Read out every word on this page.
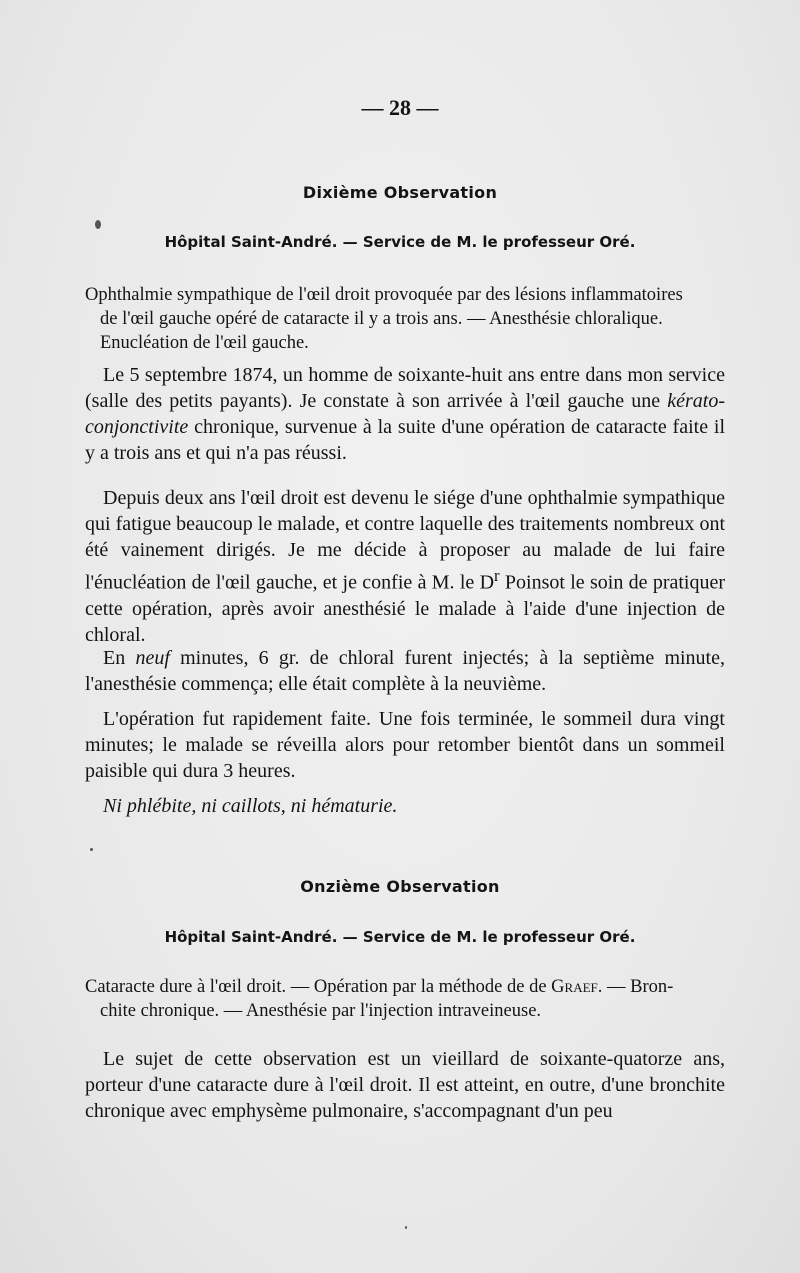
— 28 —
Dixième Observation
Hôpital Saint-André. — Service de M. le professeur Oré.
Ophthalmie sympathique de l'œil droit provoquée par des lésions inflammatoires
de l'œil gauche opéré de cataracte il y a trois ans. — Anesthésie chloralique.
Enucléation de l'œil gauche.

Le 5 septembre 1874, un homme de soixante-huit ans entre dans mon service (salle des petits payants). Je constate à son arrivée à l'œil gauche une kérato-conjonctivite chronique, survenue à la suite d'une opération de cataracte faite il y a trois ans et qui n'a pas réussi.

Depuis deux ans l'œil droit est devenu le siége d'une ophthalmie sympathique qui fatigue beaucoup le malade, et contre laquelle des traitements nombreux ont été vainement dirigés. Je me décide à proposer au malade de lui faire l'énucléation de l'œil gauche, et je confie à M. le $D^r$ Poinsot le soin de pratiquer cette opération, après avoir anesthésié le malade à l'aide d'une injection de chloral.

En neuf minutes, 6 gr. de chloral furent injectés; à la septième minute, l'anesthésie commença; elle était complète à la neuvième.

L'opération fut rapidement faite. Une fois terminée, le sommeil dura vingt minutes; le malade se réveilla alors pour retomber bientôt dans un sommeil paisible qui dura 3 heures.

Ni phlébite, ni caillots, ni hématurie.

Onzième Observation
Hôpital Saint-André. — Service de M. le professeur Oré.
Cataracte dure à l'œil droit. — Opération par la méthode de de Graef. — Bron-
chite chronique. — Anesthésie par l'injection intraveineuse.

Le sujet de cette observation est un vieillard de soixante-quatorze ans, porteur d'une cataracte dure à l'œil droit. Il est atteint, en outre, d'une bronchite chronique avec emphysème pulmonaire, s'accompagnant d'un peu
